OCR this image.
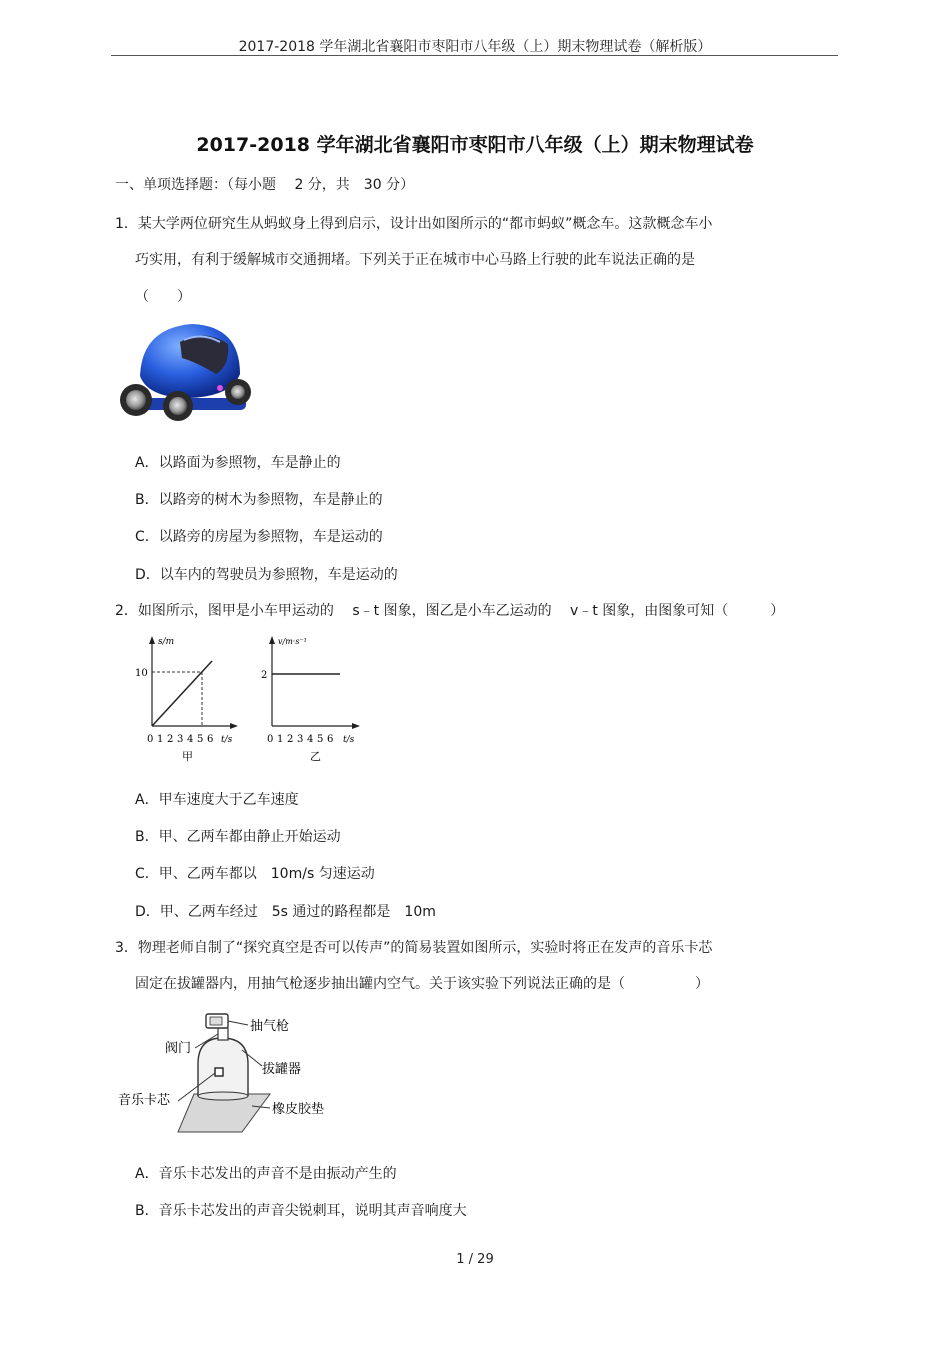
2017-2018 学年湖北省襄阳市枣阳市八年级（上）期末物理试卷（解析版）
2017-2018 学年湖北省襄阳市枣阳市八年级（上）期末物理试卷
一、单项选择题：（每小题　 2 分，共　30 分）
1．某大学两位研究生从蚂蚁身上得到启示，设计出如图所示的“都市蚂蚁”概念车。这款概念车小
巧实用，有利于缓解城市交通拥堵。下列关于正在城市中心马路上行驶的此车说法正确的是
（　　）
A．以路面为参照物，车是静止的
B．以路旁的树木为参照物，车是静止的
C．以路旁的房屋为参照物，车是运动的
D．以车内的驾驶员为参照物，车是运动的
2．如图所示，图甲是小车甲运动的　 s﹣t 图象，图乙是小车乙运动的　 v﹣t 图象，由图象可知（　　　）
s/m
10
0 1 2 3 4 5 6 t/s
甲
v/m·s⁻¹
2
0 1 2 3 4 5 6 t/s
乙
A．甲车速度大于乙车速度
B．甲、乙两车都由静止开始运动
C．甲、乙两车都以　10m/s 匀速运动
D．甲、乙两车经过　5s 通过的路程都是　10m
3．物理老师自制了“探究真空是否可以传声”的简易装置如图所示，实验时将正在发声的音乐卡芯
固定在拔罐器内，用抽气枪逐步抽出罐内空气。关于该实验下列说法正确的是（　　　　　）
抽气枪
阀门
拔罐器
音乐卡芯
橡皮胶垫
A．音乐卡芯发出的声音不是由振动产生的
B．音乐卡芯发出的声音尖锐刺耳，说明其声音响度大
1 / 29
